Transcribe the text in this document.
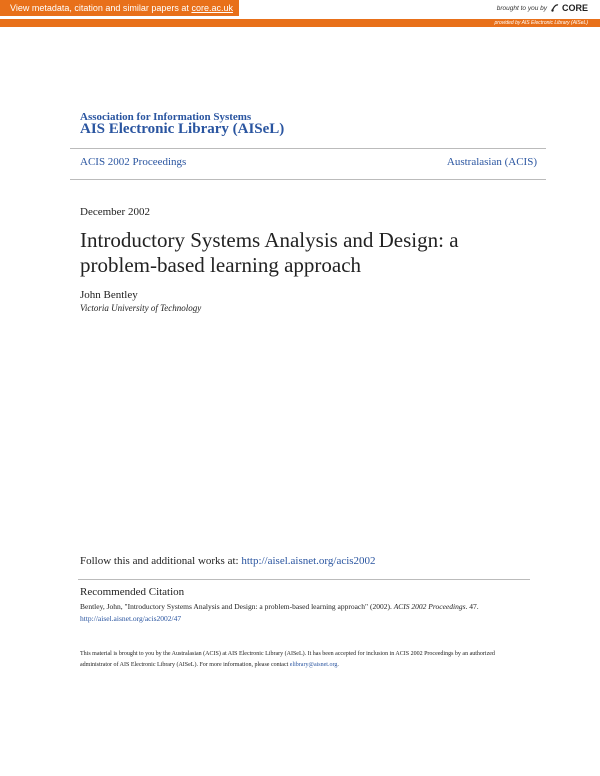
View metadata, citation and similar papers at core.ac.uk	brought to you by CORE
provided by AIS Electronic Library (AISeL)
Association for Information Systems
AIS Electronic Library (AISeL)
ACIS 2002 Proceedings	Australasian (ACIS)
December 2002
Introductory Systems Analysis and Design: a problem-based learning approach
John Bentley
Victoria University of Technology
Follow this and additional works at: http://aisel.aisnet.org/acis2002
Recommended Citation
Bentley, John, "Introductory Systems Analysis and Design: a problem-based learning approach" (2002). ACIS 2002 Proceedings. 47.
http://aisel.aisnet.org/acis2002/47
This material is brought to you by the Australasian (ACIS) at AIS Electronic Library (AISeL). It has been accepted for inclusion in ACIS 2002 Proceedings by an authorized administrator of AIS Electronic Library (AISeL). For more information, please contact elibrary@aisnet.org.
